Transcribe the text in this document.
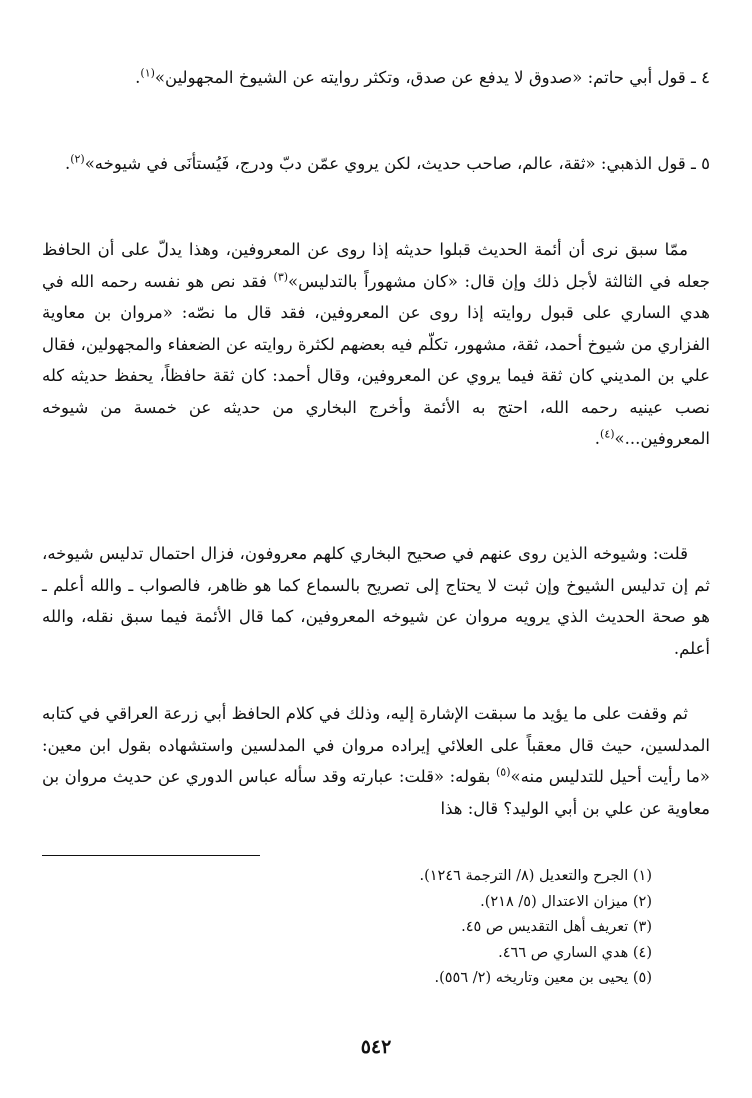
٤ ـ قول أبي حاتم: «صدوق لا يدفع عن صدق، وتكثر روايته عن الشيوخ المجهولين»$^{(١)}$.

٥ ـ قول الذهبي: «ثقة، عالم، صاحب حديث، لكن يروي عمّن دبّ ودرج، فَيُستأنَى في شيوخه»$^{(٢)}$.

ممّا سبق نرى أن أئمة الحديث قبلوا حديثه إذا روى عن المعروفين، وهذا يدلّ على أن الحافظ جعله في الثالثة لأجل ذلك وإن قال: «كان مشهوراً بالتدليس»$^{(٣)}$ فقد نص هو نفسه رحمه الله في هدي الساري على قبول روايته إذا روى عن المعروفين، فقد قال ما نصّه: «مروان بن معاوية الفزاري من شيوخ أحمد، ثقة، مشهور، تكلّم فيه بعضهم لكثرة روايته عن الضعفاء والمجهولين، فقال علي بن المديني كان ثقة فيما يروي عن المعروفين، وقال أحمد: كان ثقة حافظاً، يحفظ حديثه كله نصب عينيه رحمه الله، احتج به الأئمة وأخرج البخاري من حديثه عن خمسة من شيوخه المعروفين...»$^{(٤)}$.

قلت: وشيوخه الذين روى عنهم في صحيح البخاري كلهم معروفون، فزال احتمال تدليس شيوخه، ثم إن تدليس الشيوخ وإن ثبت لا يحتاج إلى تصريح بالسماع كما هو ظاهر، فالصواب ـ والله أعلم ـ هو صحة الحديث الذي يرويه مروان عن شيوخه المعروفين، كما قال الأئمة فيما سبق نقله، والله أعلم.

ثم وقفت على ما يؤيد ما سبقت الإشارة إليه، وذلك في كلام الحافظ أبي زرعة العراقي في كتابه المدلسين، حيث قال معقباً على العلائي إيراده مروان في المدلسين واستشهاده بقول ابن معين: «ما رأيت أحيل للتدليس منه»$^{(٥)}$ بقوله: «قلت: عبارته وقد سأله عباس الدوري عن حديث مروان بن معاوية عن علي بن أبي الوليد؟ قال: هذا

(١) الجرح والتعديل (٨/ الترجمة ١٢٤٦).
(٢) ميزان الاعتدال (٥/ ٢١٨).
(٣) تعريف أهل التقديس ص ٤٥.
(٤) هدي الساري ص ٤٦٦.
(٥) يحيى بن معين وتاريخه (٢/ ٥٥٦).
٥٤٢
